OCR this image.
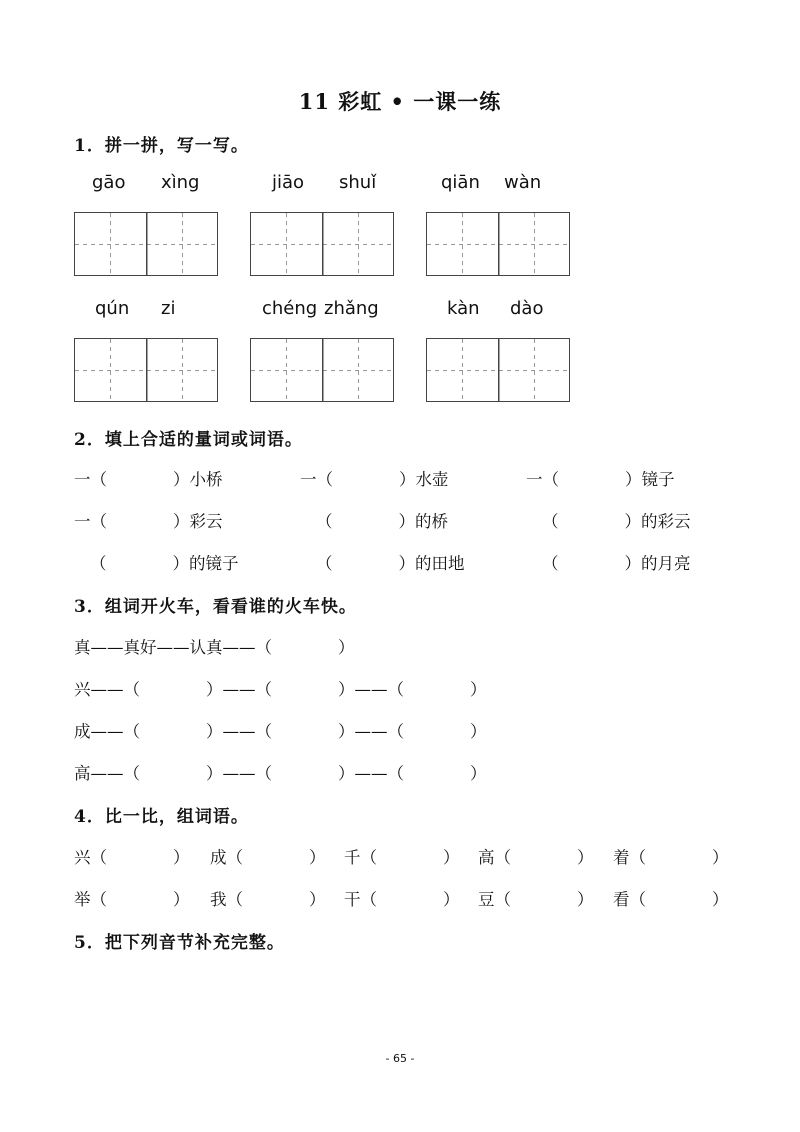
11 彩虹 • 一课一练
1．拼一拼，写一写。
gāo xìng	jiāo shuǐ	qiān wàn
qún zi	chéng zhǎng	kàn dào
2．填上合适的量词或词语。
一（　　　　）小桥	一（　　　　）水壶	一（　　　　）镜子
一（　　　　）彩云	（　　　　）的桥	（　　　　）的彩云
（　　　　）的镜子	（　　　　）的田地	（　　　　）的月亮
3．组词开火车，看看谁的火车快。
真——真好——认真——（　　　　）
兴——（　　　　）——（　　　　）——（　　　　）
成——（　　　　）——（　　　　）——（　　　　）
高——（　　　　）——（　　　　）——（　　　　）
4．比一比，组词语。
兴（　　　　） 成（　　　　） 千（　　　　） 高（　　　　） 着（　　　　）
举（　　　　） 我（　　　　） 干（　　　　） 豆（　　　　） 看（　　　　）
5．把下列音节补充完整。
- 65 -
